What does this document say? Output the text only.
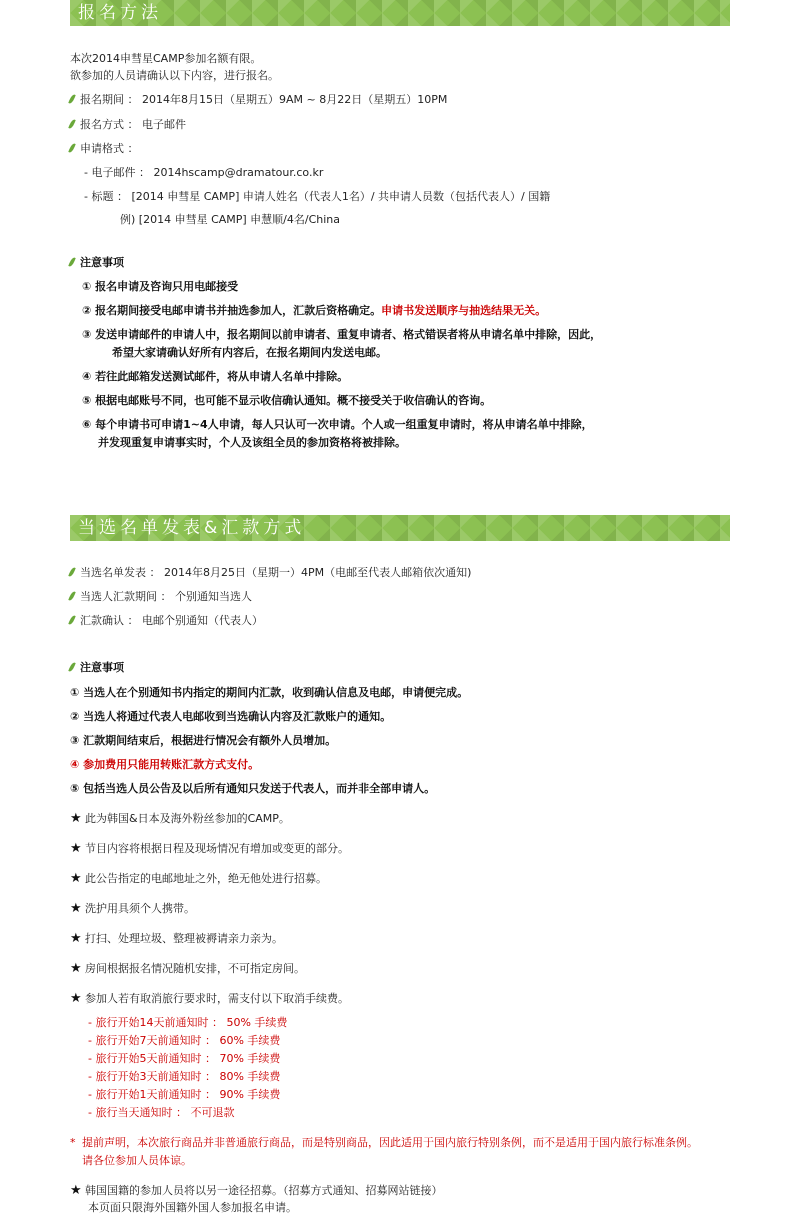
报名方法
本次2014申彗星CAMP参加名额有限。
欲参加的人员请确认以下内容，进行报名。
报名期间 ： 2014年8月15日（星期五）9AM ~ 8月22日（星期五）10PM
报名方式 ： 电子邮件
申请格式 ：
- 电子邮件 ： 2014hscamp@dramatour.co.kr
- 标题 ： [2014 申彗星 CAMP] 申请人姓名（代表人1名）/ 共申请人员数（包括代表人）/ 国籍
例) [2014 申彗星 CAMP] 申慧顺/4名/China
注意事项
① 报名申请及咨询只用电邮接受
② 报名期间接受电邮申请书并抽选参加人，汇款后资格确定。申请书发送顺序与抽选结果无关。
③ 发送申请邮件的申请人中，报名期间以前申请者、重复申请者、格式错误者将从申请名单中排除，因此，
希望大家请确认好所有内容后，在报名期间内发送电邮。
④ 若往此邮箱发送测试邮件，将从申请人名单中排除。
⑤ 根据电邮账号不同，也可能不显示收信确认通知。概不接受关于收信确认的咨询。
⑥ 每个申请书可申请1~4人申请，每人只认可一次申请。个人或一组重复申请时，将从申请名单中排除，
并发现重复申请事实时，个人及该组全员的参加资格将被排除。
当选名单发表&汇款方式
当选名单发表 ： 2014年8月25日（星期一）4PM（电邮至代表人邮箱依次通知)
当选人汇款期间 ： 个别通知当选人
汇款确认 ： 电邮个别通知（代表人）
注意事项
① 当选人在个别通知书内指定的期间内汇款，收到确认信息及电邮，申请便完成。
② 当选人将通过代表人电邮收到当选确认内容及汇款账户的通知。
③ 汇款期间结束后，根据进行情况会有额外人员增加。
④ 参加费用只能用转账汇款方式支付。
⑤ 包括当选人员公告及以后所有通知只发送于代表人，而并非全部申请人。
★ 此为韩国&日本及海外粉丝参加的CAMP。
★ 节目内容将根据日程及现场情况有增加或变更的部分。
★ 此公告指定的电邮地址之外，绝无他处进行招募。
★ 洗护用具须个人携带。
★ 打扫、处理垃圾、整理被褥请亲力亲为。
★ 房间根据报名情况随机安排，不可指定房间。
★ 参加人若有取消旅行要求时，需支付以下取消手续费。
- 旅行开始14天前通知时 ： 50% 手续费
- 旅行开始7天前通知时 ： 60% 手续费
- 旅行开始5天前通知时 ： 70% 手续费
- 旅行开始3天前通知时 ： 80% 手续费
- 旅行开始1天前通知时 ： 90% 手续费
- 旅行当天通知时 ： 不可退款
* 提前声明，本次旅行商品并非普通旅行商品，而是特别商品，因此适用于国内旅行特别条例，而不是适用于国内旅行标准条例。
请各位参加人员体谅。
★ 韩国国籍的参加人员将以另一途径招募。（招募方式通知、招募网站链接）
本页面只限海外国籍外国人参加报名申请。
